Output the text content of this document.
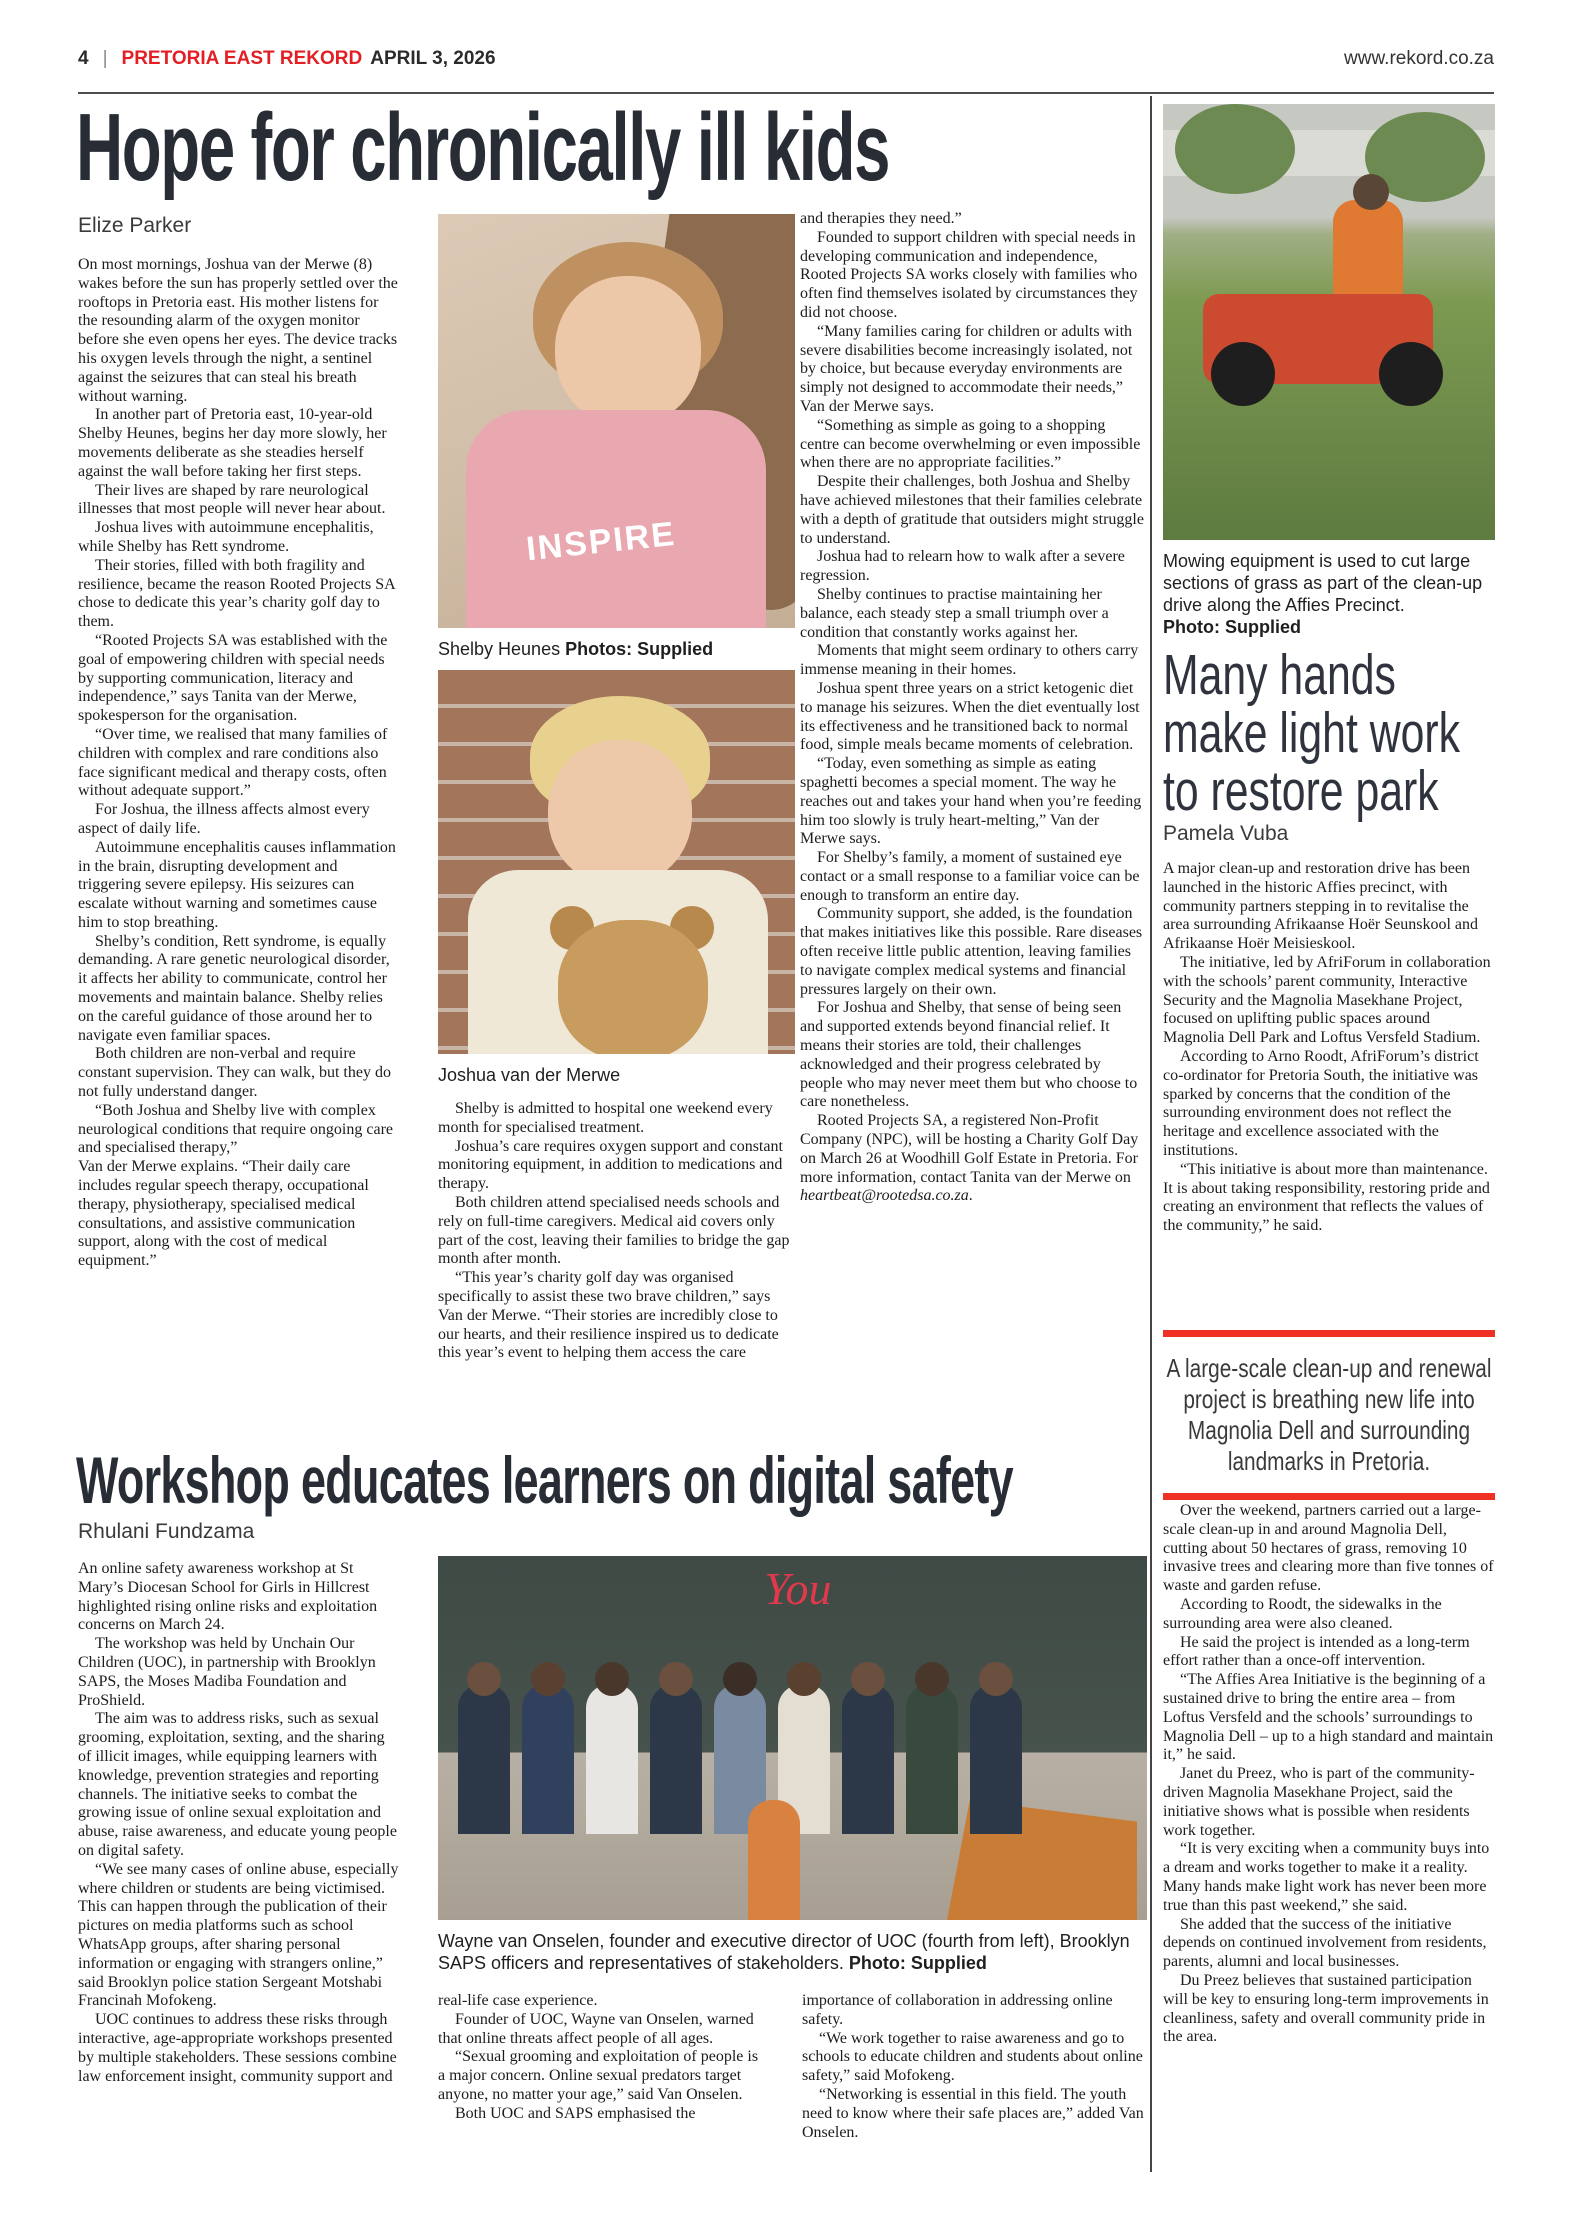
4 | PRETORIA EAST REKORD APRIL 3, 2026	www.rekord.co.za
Hope for chronically ill kids
Elize Parker

On most mornings, Joshua van der Merwe (8) wakes before the sun has properly settled over the rooftops in Pretoria east. His mother listens for the resounding alarm of the oxygen monitor before she even opens her eyes. The device tracks his oxygen levels through the night, a sentinel against the seizures that can steal his breath without warning.

In another part of Pretoria east, 10-year-old Shelby Heunes, begins her day more slowly, her movements deliberate as she steadies herself against the wall before taking her first steps.

Their lives are shaped by rare neurological illnesses that most people will never hear about.

Joshua lives with autoimmune encephalitis, while Shelby has Rett syndrome.

Their stories, filled with both fragility and resilience, became the reason Rooted Projects SA chose to dedicate this year’s charity golf day to them.

“Rooted Projects SA was established with the goal of empowering children with special needs by supporting communication, literacy and independence,” says Tanita van der Merwe, spokesperson for the organisation.

“Over time, we realised that many families of children with complex and rare conditions also face significant medical and therapy costs, often without adequate support.”

For Joshua, the illness affects almost every aspect of daily life.

Autoimmune encephalitis causes inflammation in the brain, disrupting development and triggering severe epilepsy. His seizures can escalate without warning and sometimes cause him to stop breathing.

Shelby’s condition, Rett syndrome, is equally demanding. A rare genetic neurological disorder, it affects her ability to communicate, control her movements and maintain balance. Shelby relies on the careful guidance of those around her to navigate even familiar spaces.

Both children are non-verbal and require constant supervision. They can walk, but they do not fully understand danger.

“Both Joshua and Shelby live with complex neurological conditions that require ongoing care and specialised therapy,”

Van der Merwe explains. “Their daily care includes regular speech therapy, occupational therapy, physiotherapy, specialised medical consultations, and assistive communication support, along with the cost of medical equipment.”

INSPIRE
Shelby Heunes Photos: Supplied
Joshua van der Merwe

Shelby is admitted to hospital one weekend every month for specialised treatment.

Joshua’s care requires oxygen support and constant monitoring equipment, in addition to medications and therapy.

Both children attend specialised needs schools and rely on full-time caregivers. Medical aid covers only part of the cost, leaving their families to bridge the gap month after month.

“This year’s charity golf day was organised specifically to assist these two brave children,” says Van der Merwe. “Their stories are incredibly close to our hearts, and their resilience inspired us to dedicate this year’s event to helping them access the care

and therapies they need.”

Founded to support children with special needs in developing communication and independence, Rooted Projects SA works closely with families who often find themselves isolated by circumstances they did not choose.

“Many families caring for children or adults with severe disabilities become increasingly isolated, not by choice, but because everyday environments are simply not designed to accommodate their needs,” Van der Merwe says.

“Something as simple as going to a shopping centre can become overwhelming or even impossible when there are no appropriate facilities.”

Despite their challenges, both Joshua and Shelby have achieved milestones that their families celebrate with a depth of gratitude that outsiders might struggle to understand.

Joshua had to relearn how to walk after a severe regression.

Shelby continues to practise maintaining her balance, each steady step a small triumph over a condition that constantly works against her.

Moments that might seem ordinary to others carry immense meaning in their homes.

Joshua spent three years on a strict ketogenic diet to manage his seizures. When the diet eventually lost its effectiveness and he transitioned back to normal food, simple meals became moments of celebration.

“Today, even something as simple as eating spaghetti becomes a special moment. The way he reaches out and takes your hand when you’re feeding him too slowly is truly heart-melting,” Van der Merwe says.

For Shelby’s family, a moment of sustained eye contact or a small response to a familiar voice can be enough to transform an entire day.

Community support, she added, is the foundation that makes initiatives like this possible. Rare diseases often receive little public attention, leaving families to navigate complex medical systems and financial pressures largely on their own.

For Joshua and Shelby, that sense of being seen and supported extends beyond financial relief. It means their stories are told, their challenges acknowledged and their progress celebrated by people who may never meet them but who choose to care nonetheless.

Rooted Projects SA, a registered Non-Profit Company (NPC), will be hosting a Charity Golf Day on March 26 at Woodhill Golf Estate in Pretoria. For more information, contact Tanita van der Merwe on heartbeat@rootedsa.co.za.

Mowing equipment is used to cut large sections of grass as part of the clean-up drive along the Affies Precinct.
Photo: Supplied
Many hands make light work to restore park
Pamela Vuba

A major clean-up and restoration drive has been launched in the historic Affies precinct, with community partners stepping in to revitalise the area surrounding Afrikaanse Hoër Seunskool and Afrikaanse Hoër Meisieskool.

The initiative, led by AfriForum in collaboration with the schools’ parent community, Interactive Security and the Magnolia Masekhane Project, focused on uplifting public spaces around Magnolia Dell Park and Loftus Versfeld Stadium.

According to Arno Roodt, AfriForum’s district co-ordinator for Pretoria South, the initiative was sparked by concerns that the condition of the surrounding environment does not reflect the heritage and excellence associated with the institutions.

“This initiative is about more than maintenance. It is about taking responsibility, restoring pride and creating an environment that reflects the values of the community,” he said.

A large-scale clean-up and renewal project is breathing new life into Magnolia Dell and surrounding landmarks in Pretoria.

Over the weekend, partners carried out a large-scale clean-up in and around Magnolia Dell, cutting about 50 hectares of grass, removing 10 invasive trees and clearing more than five tonnes of waste and garden refuse.

According to Roodt, the sidewalks in the surrounding area were also cleaned.

He said the project is intended as a long-term effort rather than a once-off intervention.

“The Affies Area Initiative is the beginning of a sustained drive to bring the entire area – from Loftus Versfeld and the schools’ surroundings to Magnolia Dell – up to a high standard and maintain it,” he said.

Janet du Preez, who is part of the community-driven Magnolia Masekhane Project, said the initiative shows what is possible when residents work together.

“It is very exciting when a community buys into a dream and works together to make it a reality. Many hands make light work has never been more true than this past weekend,” she said.

She added that the success of the initiative depends on continued involvement from residents, parents, alumni and local businesses.

Du Preez believes that sustained participation will be key to ensuring long-term improvements in cleanliness, safety and overall community pride in the area.

Workshop educates learners on digital safety
Rhulani Fundzama

An online safety awareness workshop at St Mary’s Diocesan School for Girls in Hillcrest highlighted rising online risks and exploitation concerns on March 24.

The workshop was held by Unchain Our Children (UOC), in partnership with Brooklyn SAPS, the Moses Madiba Foundation and ProShield.

The aim was to address risks, such as sexual grooming, exploitation, sexting, and the sharing of illicit images, while equipping learners with knowledge, prevention strategies and reporting channels. The initiative seeks to combat the growing issue of online sexual exploitation and abuse, raise awareness, and educate young people on digital safety.

“We see many cases of online abuse, especially where children or students are being victimised. This can happen through the publication of their pictures on media platforms such as school WhatsApp groups, after sharing personal information or engaging with strangers online,” said Brooklyn police station Sergeant Motshabi Francinah Mofokeng.

UOC continues to address these risks through interactive, age-appropriate workshops presented by multiple stakeholders. These sessions combine law enforcement insight, community support and

You
Wayne van Onselen, founder and executive director of UOC (fourth from left), Brooklyn SAPS officers and representatives of stakeholders. Photo: Supplied

real-life case experience.

Founder of UOC, Wayne van Onselen, warned that online threats affect people of all ages.

“Sexual grooming and exploitation of people is a major concern. Online sexual predators target anyone, no matter your age,” said Van Onselen.

Both UOC and SAPS emphasised the

importance of collaboration in addressing online safety.

“We work together to raise awareness and go to schools to educate children and students about online safety,” said Mofokeng.

“Networking is essential in this field. The youth need to know where their safe places are,” added Van Onselen.
